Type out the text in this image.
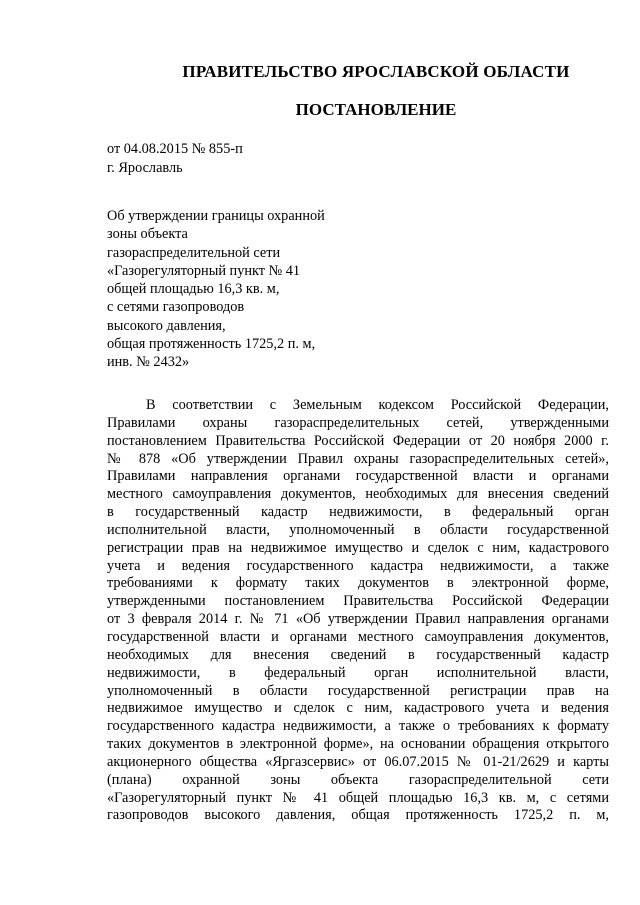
ПРАВИТЕЛЬСТВО ЯРОСЛАВСКОЙ ОБЛАСТИ
ПОСТАНОВЛЕНИЕ
от 04.08.2015 № 855-п
г. Ярославль
Об утверждении границы охранной
зоны объекта
газораспределительной сети
«Газорегуляторный пункт № 41
общей площадью 16,3 кв. м,
с сетями газопроводов
высокого давления,
общая протяженность 1725,2 п. м,
инв. № 2432»
В соответствии с Земельным кодексом Российской Федерации,
Правилами охраны газораспределительных сетей, утвержденными
постановлением Правительства Российской Федерации от 20 ноября 2000 г.
№ 878 «Об утверждении Правил охраны газораспределительных сетей»,
Правилами направления органами государственной власти и органами
местного самоуправления документов, необходимых для внесения сведений
в государственный кадастр недвижимости, в федеральный орган
исполнительной власти, уполномоченный в области государственной
регистрации прав на недвижимое имущество и сделок с ним, кадастрового
учета и ведения государственного кадастра недвижимости, а также
требованиями к формату таких документов в электронной форме,
утвержденными постановлением Правительства Российской Федерации
от 3 февраля 2014 г. № 71 «Об утверждении Правил направления органами
государственной власти и органами местного самоуправления документов,
необходимых для внесения сведений в государственный кадастр
недвижимости, в федеральный орган исполнительной власти,
уполномоченный в области государственной регистрации прав на
недвижимое имущество и сделок с ним, кадастрового учета и ведения
государственного кадастра недвижимости, а также о требованиях к формату
таких документов в электронной форме», на основании обращения открытого
акционерного общества «Яргазсервис» от 06.07.2015 № 01-21/2629 и карты
(плана) охранной зоны объекта газораспределительной сети
«Газорегуляторный пункт № 41 общей площадью 16,3 кв. м, с сетями
газопроводов высокого давления, общая протяженность 1725,2 п. м,
